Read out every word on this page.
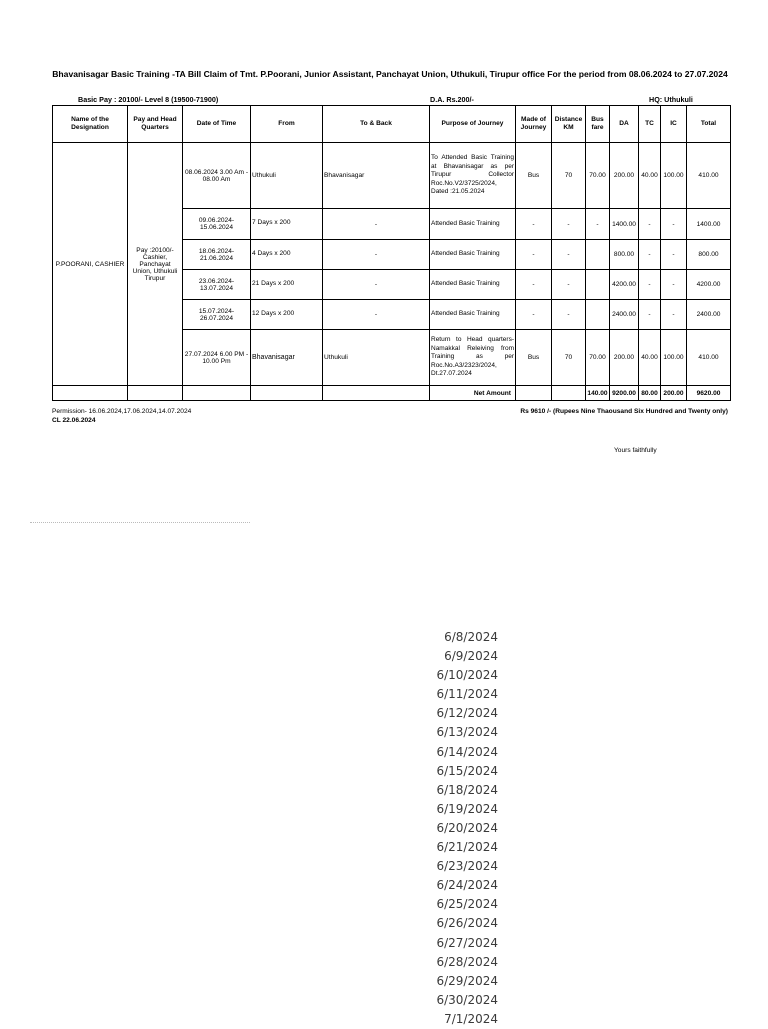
Bhavanisagar Basic Training -TA Bill Claim of Tmt. P.Poorani, Junior Assistant, Panchayat Union, Uthukuli, Tirupur office For the period from 08.06.2024 to 27.07.2024
Basic Pay : 20100/- Level 8 (19500-71900)	D.A. Rs.200/-	HQ: Uthukuli
Name of the Designation	Pay and Head Quarters	Date of Time	From	To & Back	Purpose of Journey	Made of Journey	Distance KM	Bus fare	DA	TC	IC	Total
P.POORANI, CASHIER	Pay :20100/- Cashier, Panchayat Union, Uthukuli Tirupur	08.06.2024 3.00 Am - 08.00 Am	Uthukuli	Bhavanisagar	To Attended Basic Training at Bhavanisagar as per Tirupur Collector Roc.No.V2/3725/2024, Dated :21.05.2024	Bus	70	70.00	200.00	40.00	100.00	410.00
		09.06.2024- 15.06.2024	7 Days x 200	-	Attended Basic Training	-	-	-	1400.00	-	-	1400.00
		18.06.2024- 21.06.2024	4 Days x 200	-	Attended Basic Training	-	-		800.00	-	-	800.00
		23.06.2024- 13.07.2024	21 Days x 200	-	Attended Basic Training	-	-		4200.00	-	-	4200.00
		15.07.2024- 26.07.2024	12 Days x 200	-	Attended Basic Training	-	-		2400.00	-	-	2400.00
		27.07.2024 6.00 PM - 10.00 Pm	Bhavanisagar	Uthukuli	Return to Head quarters- Namakkal Releiving from Training as per Roc.No.A3/2323/2024, Dt.27.07.2024	Bus	70	70.00	200.00	40.00	100.00	410.00
					Net Amount			140.00	9200.00	80.00	200.00	9620.00
Permission- 16.06.2024,17.06.2024,14.07.2024
CL 22.06.2024
Rs 9610 /- (Rupees Nine Thaousand Six Hundred and Twenty only)
Yours faithfully
6/8/2024
6/9/2024
6/10/2024
6/11/2024
6/12/2024
6/13/2024
6/14/2024
6/15/2024
6/18/2024
6/19/2024
6/20/2024
6/21/2024
6/23/2024
6/24/2024
6/25/2024
6/26/2024
6/27/2024
6/28/2024
6/29/2024
6/30/2024
7/1/2024
